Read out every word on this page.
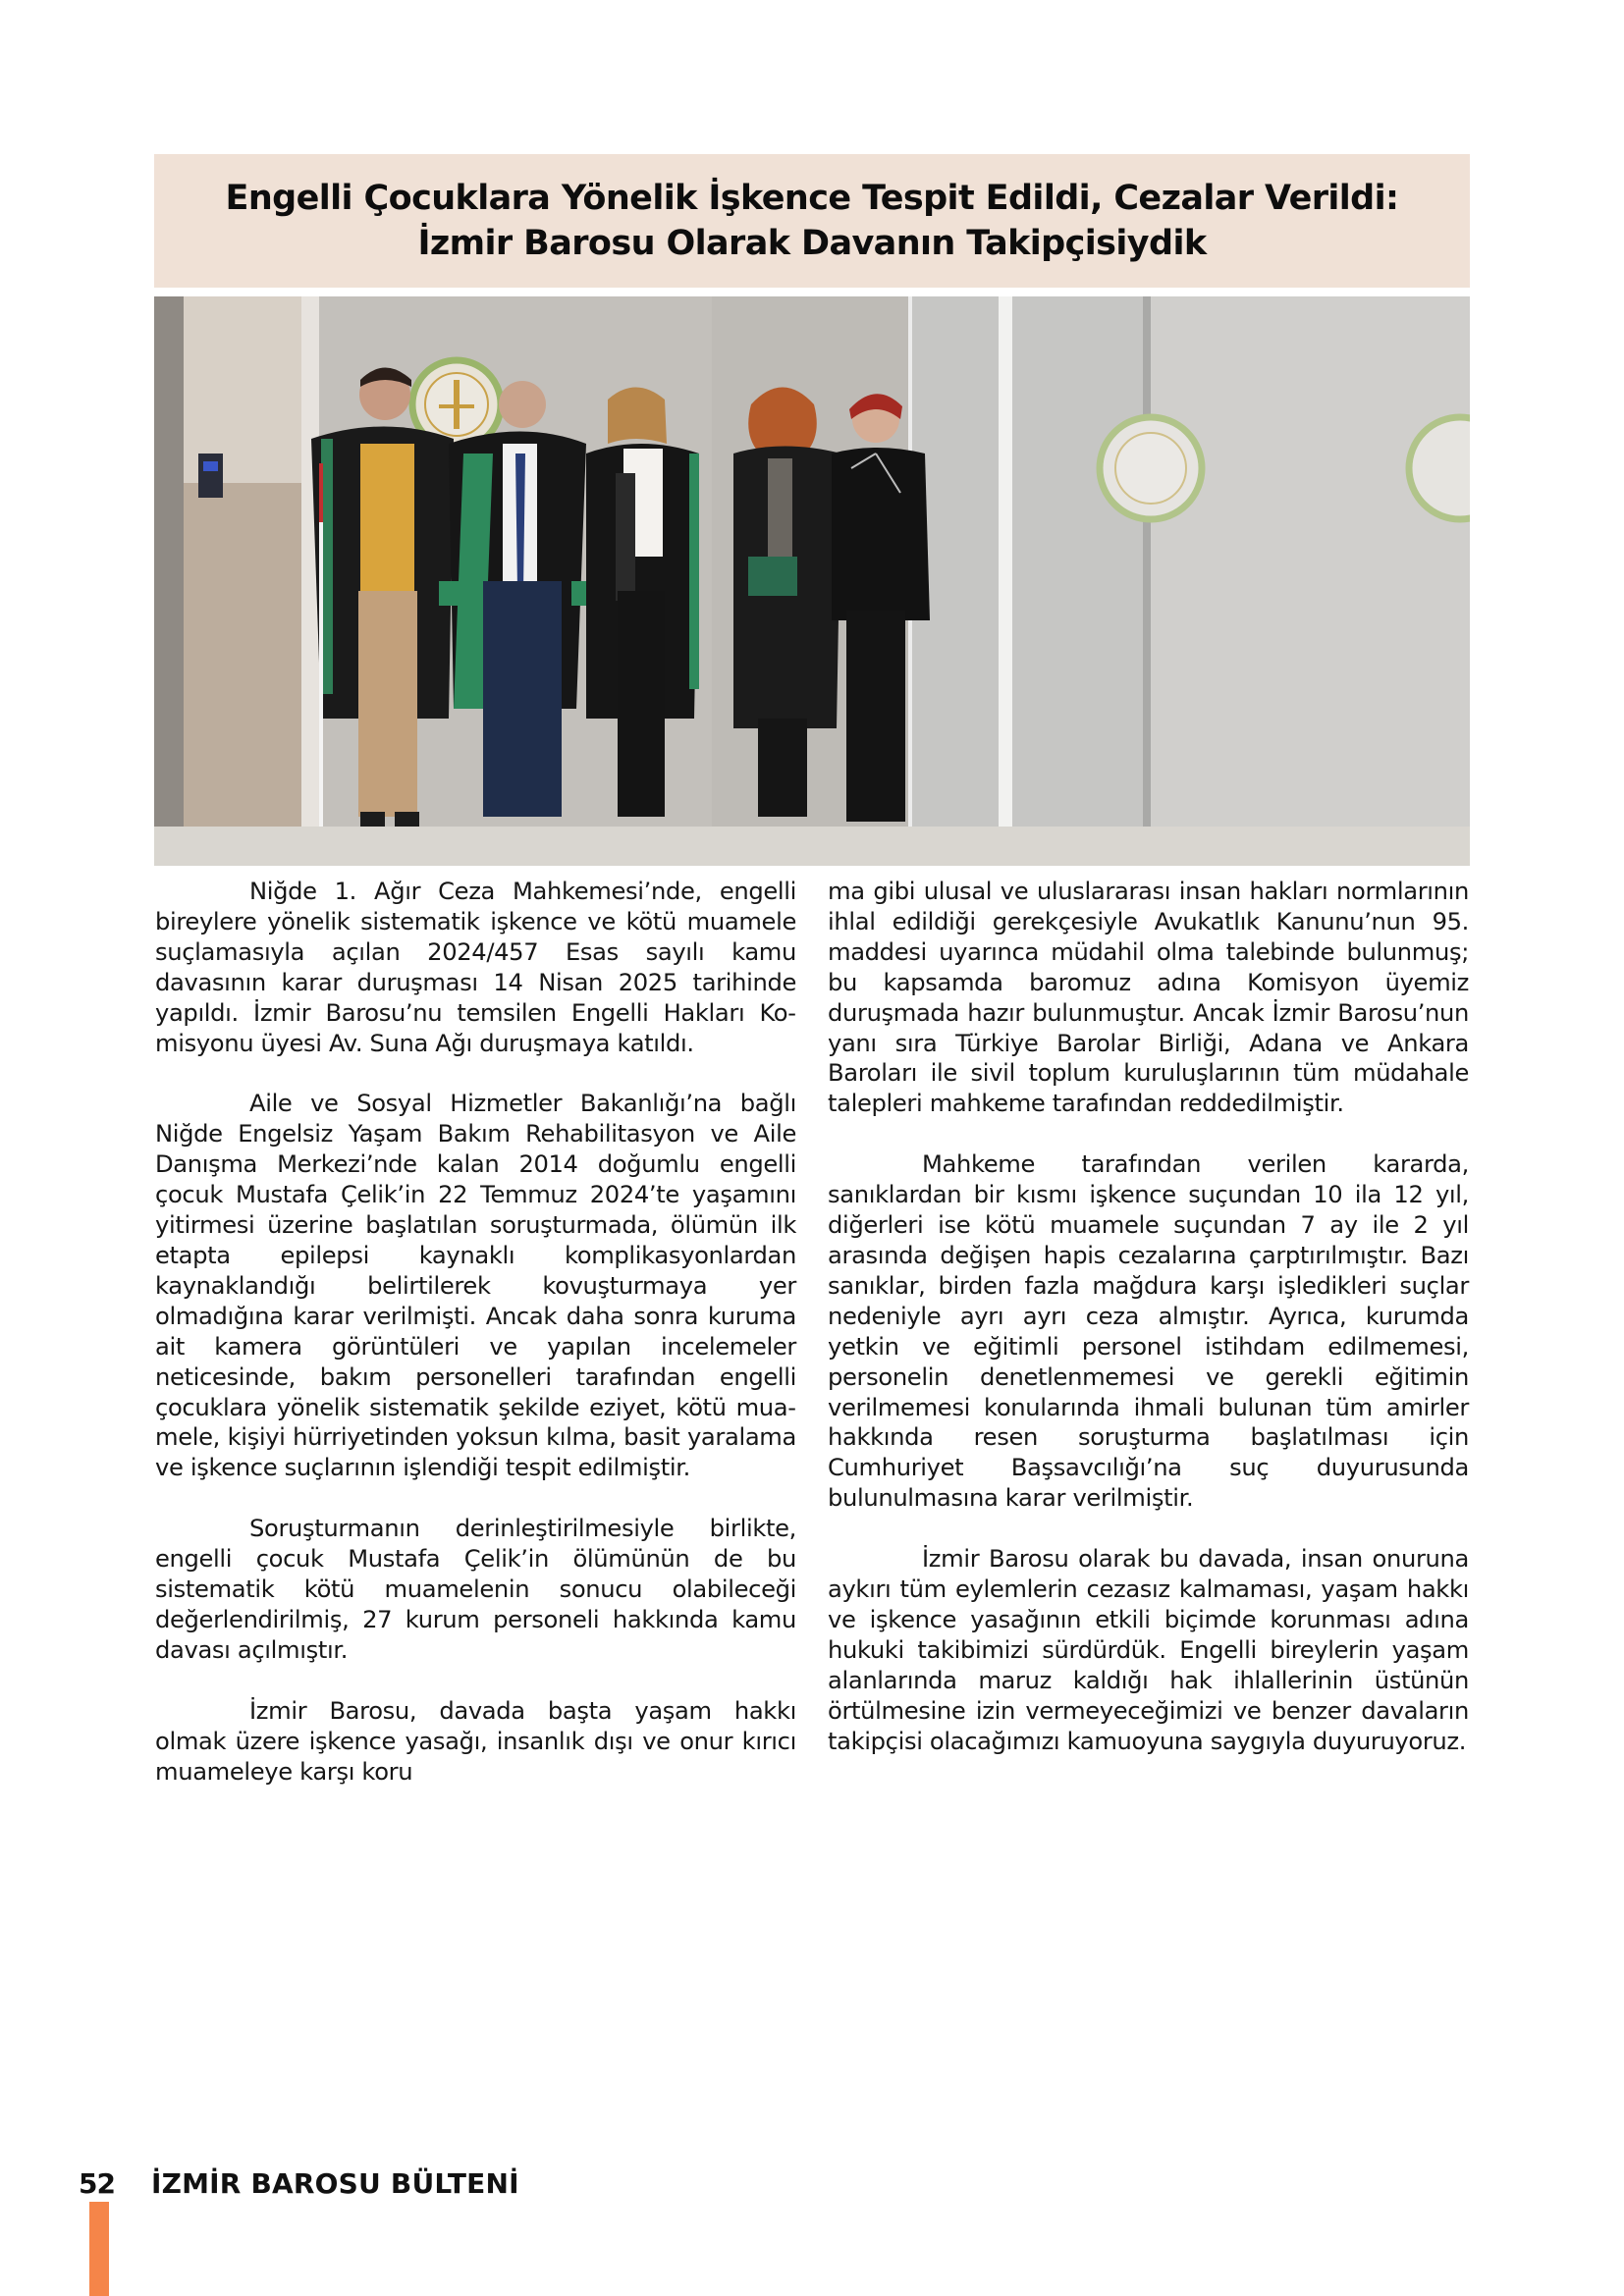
Engelli Çocuklara Yönelik İşkence Tespit Edildi, Cezalar Verildi:
İzmir Barosu Olarak Davanın Takipçisiydik

Niğde 1. Ağır Ceza Mahkemesi’nde, engelli bireylere yönelik sistematik işkence ve kötü muamele suçlamasıyla açılan 2024/457 Esas sayılı kamu davasının karar duruşması 14 Nisan 2025 tarihinde yapıldı. İzmir Barosu’nu temsilen Engelli Hakları Komisyonu üyesi Av. Suna Ağı duruşmaya katıldı.

Aile ve Sosyal Hizmetler Bakanlığı’na bağlı Niğde Engelsiz Yaşam Bakım Rehabilitasyon ve Aile Danışma Merkezi’nde kalan 2014 doğumlu engelli çocuk Mustafa Çelik’in 22 Temmuz 2024’te yaşamını yitirmesi üzerine başlatılan soruşturmada, ölümün ilk etapta epilepsi kaynaklı komplikasyonlardan kaynaklandığı belirtilerek kovuşturmaya yer olmadığına karar verilmişti. Ancak daha sonra kuruma ait kamera görüntüleri ve yapılan incelemeler neticesinde, bakım personelleri tarafından engelli çocuklara yönelik sistematik şekilde eziyet, kötü muamele, kişiyi hürriyetinden yoksun kılma, basit yaralama ve işkence suçlarının işlendiği tespit edilmiştir.

Soruşturmanın derinleştirilmesiyle birlikte, engelli çocuk Mustafa Çelik’in ölümünün de bu sistematik kötü muamelenin sonucu olabileceği değerlendirilmiş, 27 kurum personeli hakkında kamu davası açılmıştır.

İzmir Barosu, davada başta yaşam hakkı olmak üzere işkence yasağı, insanlık dışı ve onur kırıcı muameleye karşı koru

ma gibi ulusal ve uluslararası insan hakları normlarının ihlal edildiği gerekçesiyle Avukatlık Kanunu’nun 95. maddesi uyarınca müdahil olma talebinde bulunmuş; bu kapsamda baromuz adına Komisyon üyemiz duruşmada hazır bulunmuştur. Ancak İzmir Barosu’nun yanı sıra Türkiye Barolar Birliği, Adana ve Ankara Baroları ile sivil toplum kuruluşlarının tüm müdahale talepleri mahkeme tarafından reddedilmiştir.

Mahkeme tarafından verilen kararda, sanıklardan bir kısmı işkence suçundan 10 ila 12 yıl, diğerleri ise kötü muamele suçundan 7 ay ile 2 yıl arasında değişen hapis cezalarına çarptırılmıştır. Bazı sanıklar, birden fazla mağdura karşı işledikleri suçlar nedeniyle ayrı ayrı ceza almıştır. Ayrıca, kurumda yetkin ve eğitimli personel istihdam edilmemesi, personelin denetlenmemesi ve gerekli eğitimin verilmemesi konularında ihmali bulunan tüm amirler hakkında resen soruşturma başlatılması için Cumhuriyet Başsavcılığı’na suç duyurusunda bulunulmasına karar verilmiştir.

İzmir Barosu olarak bu davada, insan onuruna aykırı tüm eylemlerin cezasız kalmaması, yaşam hakkı ve işkence yasağının etkili biçimde korunması adına hukuki takibimizi sürdürdük. Engelli bireylerin yaşam alanlarında maruz kaldığı hak ihlallerinin üstünün örtülmesine izin vermeyeceğimizi ve benzer davaların takipçisi olacağımızı kamuoyuna saygıyla duyuruyoruz.

52 İZMİR BAROSU BÜLTENİ
